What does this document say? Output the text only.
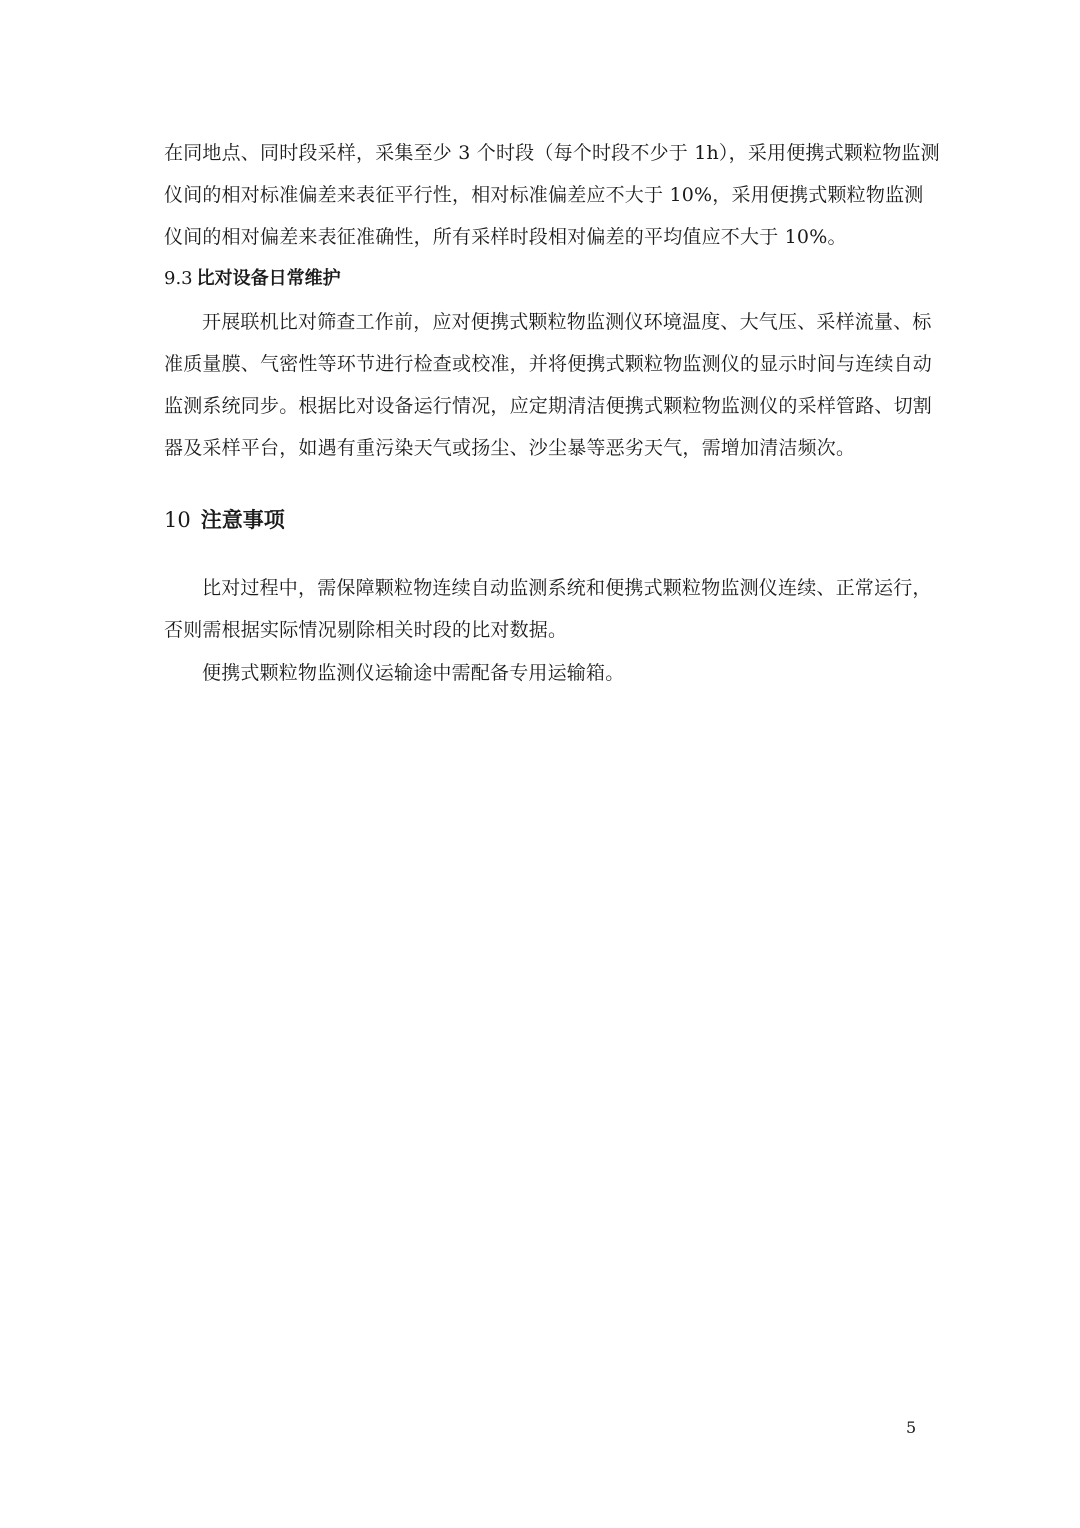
在同地点、同时段采样，采集至少 3 个时段（每个时段不少于 1h），采用便携式颗粒物监测
仪间的相对标准偏差来表征平行性，相对标准偏差应不大于 10%，采用便携式颗粒物监测
仪间的相对偏差来表征准确性，所有采样时段相对偏差的平均值应不大于 10%。
9.3 比对设备日常维护
开展联机比对筛查工作前，应对便携式颗粒物监测仪环境温度、大气压、采样流量、标
准质量膜、气密性等环节进行检查或校准，并将便携式颗粒物监测仪的显示时间与连续自动
监测系统同步。根据比对设备运行情况，应定期清洁便携式颗粒物监测仪的采样管路、切割
器及采样平台，如遇有重污染天气或扬尘、沙尘暴等恶劣天气，需增加清洁频次。
10 注意事项
比对过程中，需保障颗粒物连续自动监测系统和便携式颗粒物监测仪连续、正常运行，
否则需根据实际情况剔除相关时段的比对数据。
便携式颗粒物监测仪运输途中需配备专用运输箱。
5
